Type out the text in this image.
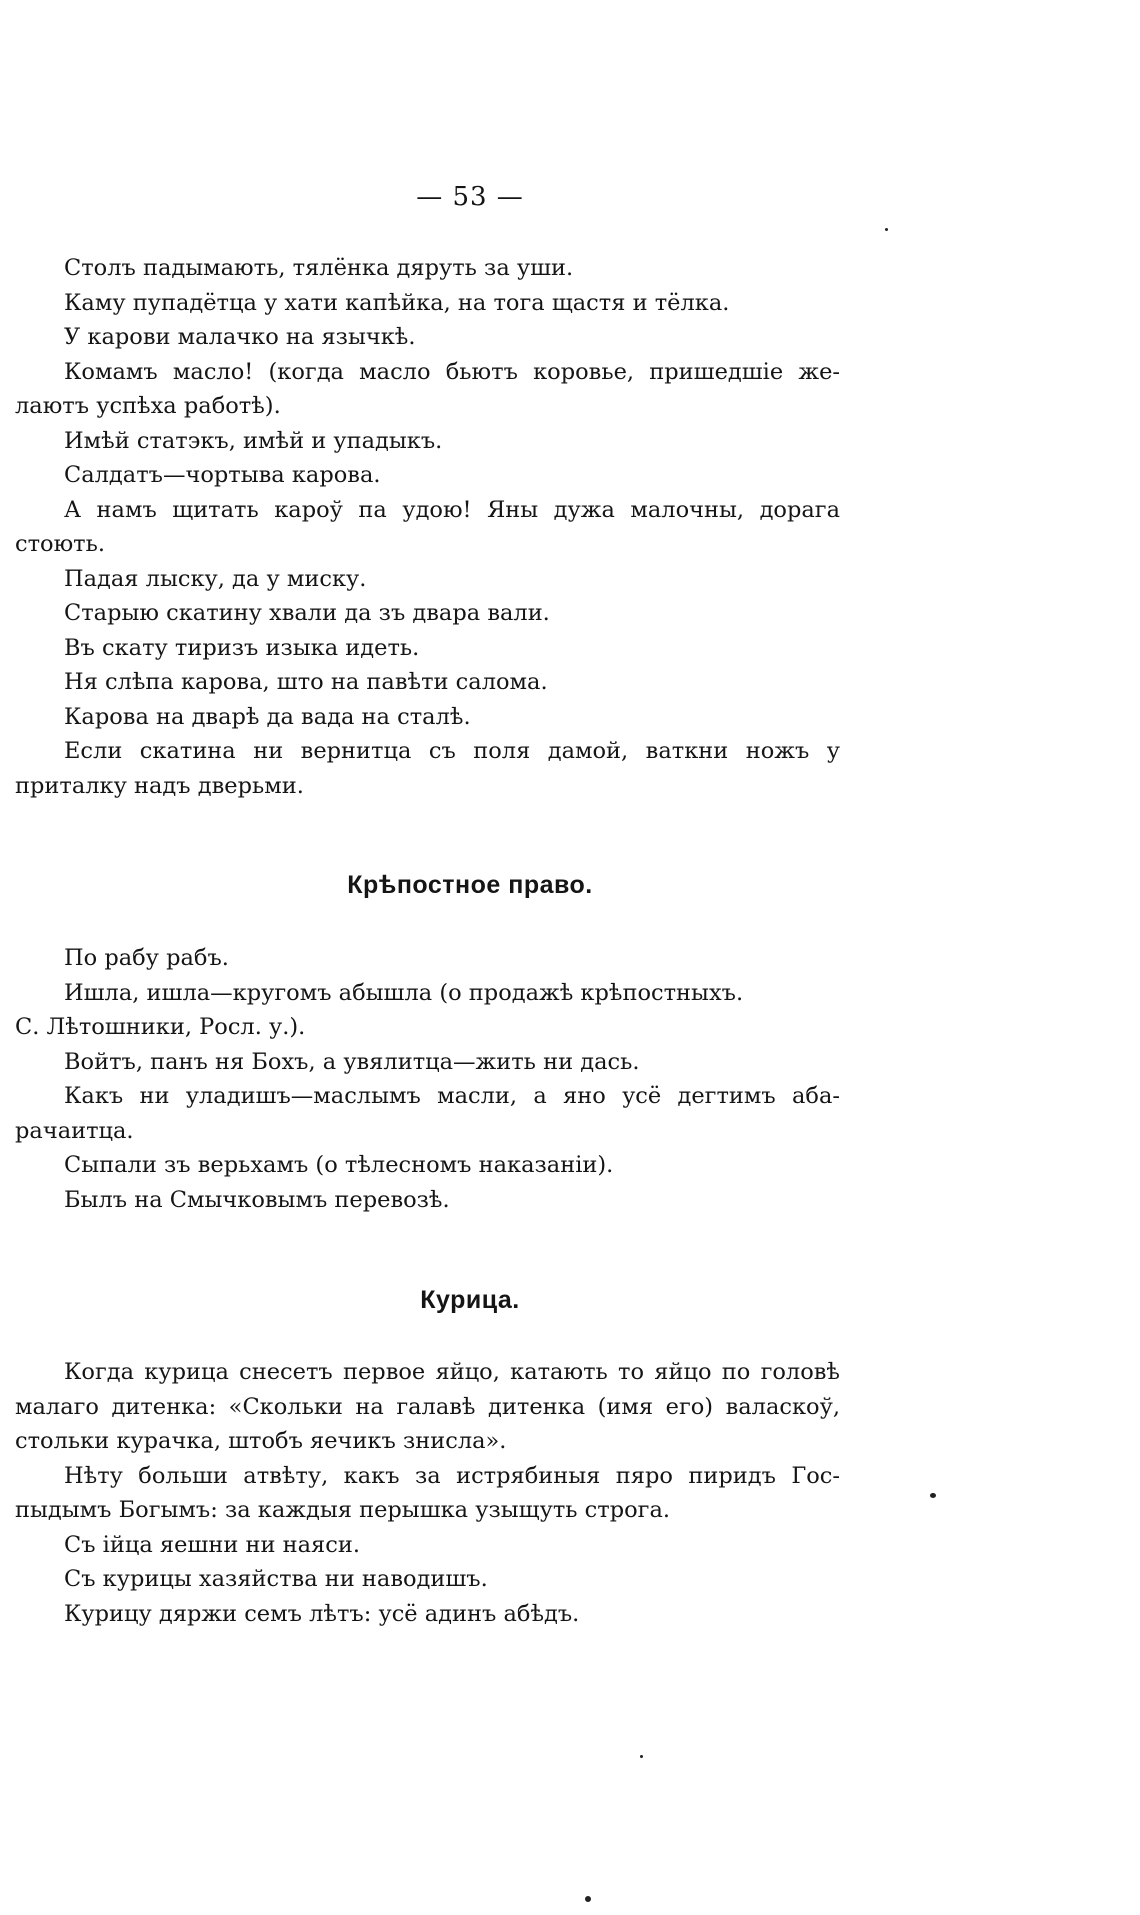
— 53 —
Столъ падымають, тялёнка дяруть за уши.
Каму пупадётца у хати капѣйка, на тога щастя и тёлка.
У карови малачко на язычкѣ.
Комамъ масло! (когда масло бьютъ коровье, пришедшіе же-
лаютъ успѣха работѣ).
Имѣй статэкъ, имѣй и упадыкъ.
Салдатъ—чортыва карова.
А намъ щитать кароў па удою! Яны дужа малочны, дорага
стоють.
Падая лыску, да у миску.
Старыю скатину хвали да зъ двара вали.
Въ скату тиризъ изыка идеть.
Ня слѣпа карова, што на павѣти салома.
Карова на дварѣ да вада на сталѣ.
Если скатина ни вернитца съ поля дамой, ваткни ножъ у
приталку надъ дверьми.
Крѣпостное право.
По рабу рабъ.
Ишла, ишла—кругомъ абышла (о продажѣ крѣпостныхъ.
С. Лѣтошники, Росл. у.).
Войтъ, панъ ня Бохъ, а увялитца—жить ни дась.
Какъ ни уладишъ—маслымъ масли, а яно усё дегтимъ аба-
рачаитца.
Сыпали зъ верьхамъ (о тѣлесномъ наказаніи).
Былъ на Смычковымъ перевозѣ.
Курица.
Когда курица снесетъ первое яйцо, катають то яйцо по головѣ
малаго дитенка: «Скольки на галавѣ дитенка (имя его) валаскоў,
стольки курачка, штобъ яечикъ знисла».
Нѣту больши атвѣту, какъ за истрябиныя пяро пиридъ Гос-
пыдымъ Богымъ: за каждыя перышка узыщуть строга.
Съ ійца яешни ни наяси.
Съ курицы хазяйства ни наводишъ.
Курицу дяржи семъ лѣтъ: усё адинъ абѣдъ.
